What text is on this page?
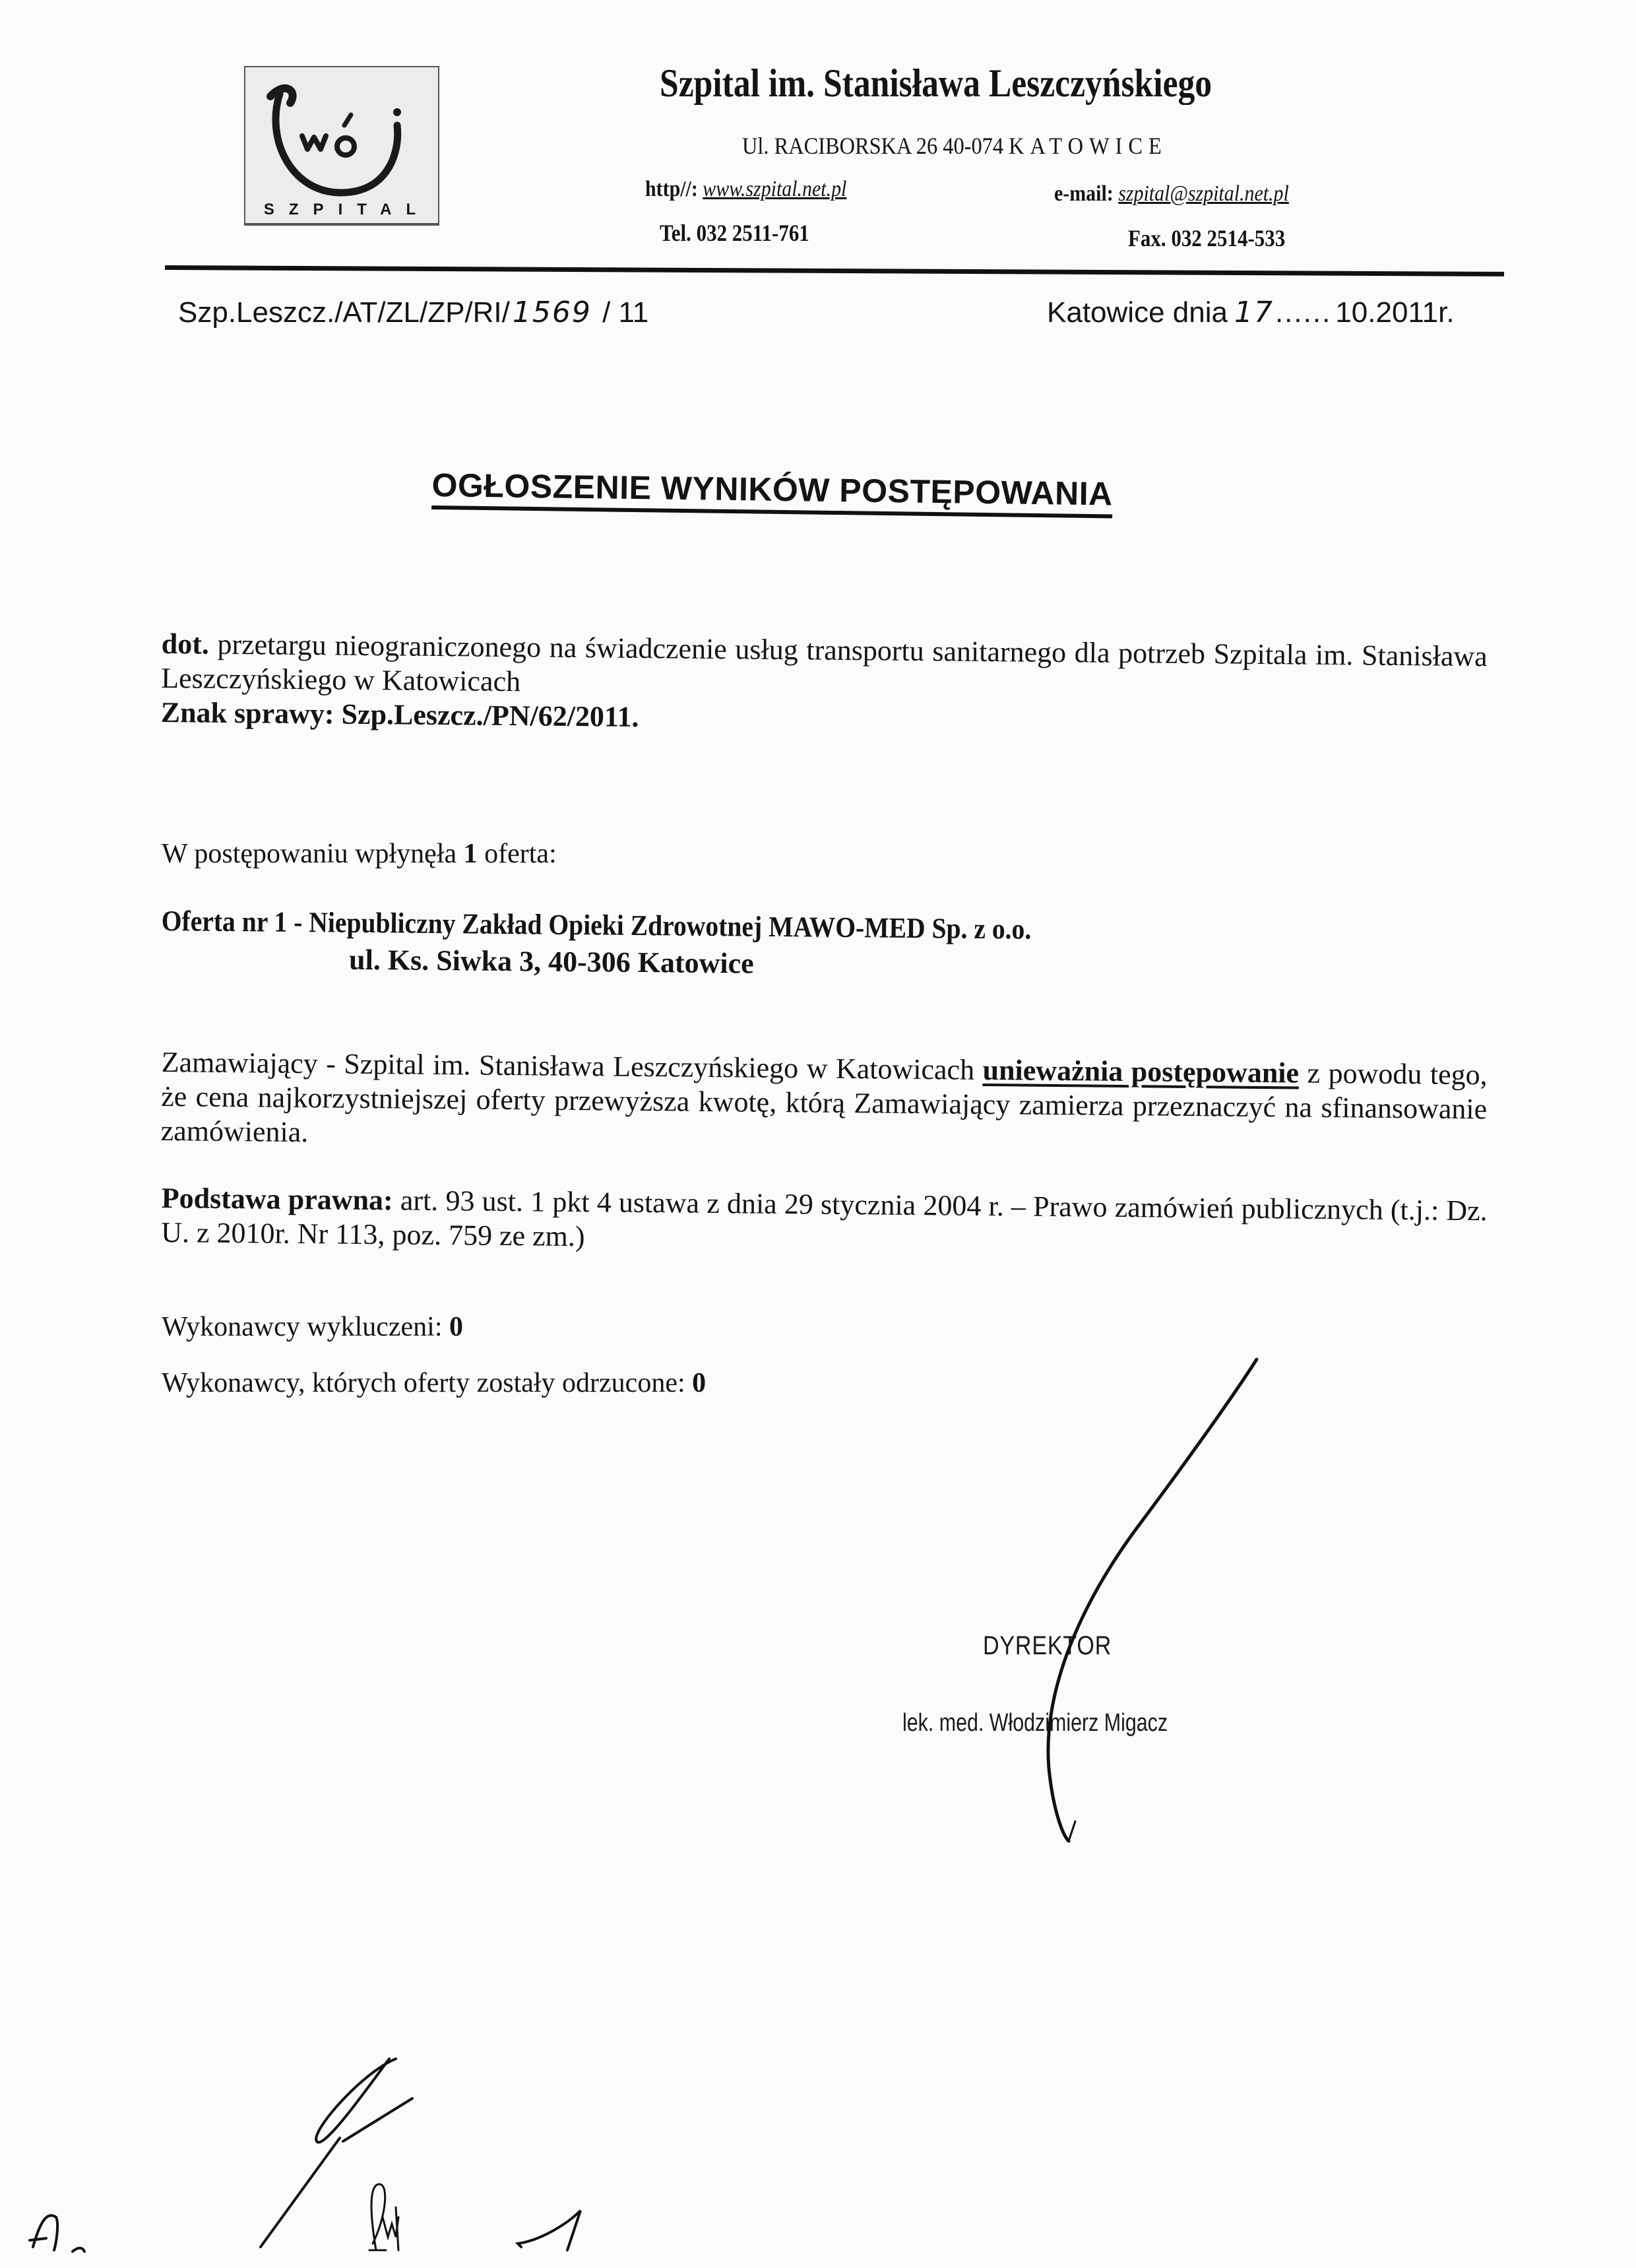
SZPITAL
Szpital im. Stanisława Leszczyńskiego
Ul. RACIBORSKA 26 40-074 KATOWICE
http//: www.szpital.net.pl	e-mail: szpital@szpital.net.pl
Tel. 032 2511-761	Fax. 032 2514-533
Szp.Leszcz./AT/ZL/ZP/RI/1569 / 11	Katowice dnia 17...... 10.2011r.
OGŁOSZENIE WYNIKÓW POSTĘPOWANIA
dot. przetargu nieograniczonego na świadczenie usług transportu sanitarnego dla potrzeb Szpitala im. Stanisława Leszczyńskiego w Katowicach
Znak sprawy: Szp.Leszcz./PN/62/2011.
W postępowaniu wpłynęła 1 oferta:
Oferta nr 1 - Niepubliczny Zakład Opieki Zdrowotnej MAWO-MED Sp. z o.o.
ul. Ks. Siwka 3, 40-306 Katowice
Zamawiający - Szpital im. Stanisława Leszczyńskiego w Katowicach unieważnia postępowanie z powodu tego, że cena najkorzystniejszej oferty przewyższa kwotę, którą Zamawiający zamierza przeznaczyć na sfinansowanie zamówienia.
Podstawa prawna: art. 93 ust. 1 pkt 4 ustawa z dnia 29 stycznia 2004 r. – Prawo zamówień publicznych (t.j.: Dz. U. z 2010r. Nr 113, poz. 759 ze zm.)
Wykonawcy wykluczeni: 0
Wykonawcy, których oferty zostały odrzucone: 0
DYREKTOR
lek. med. Włodzimierz Migacz
